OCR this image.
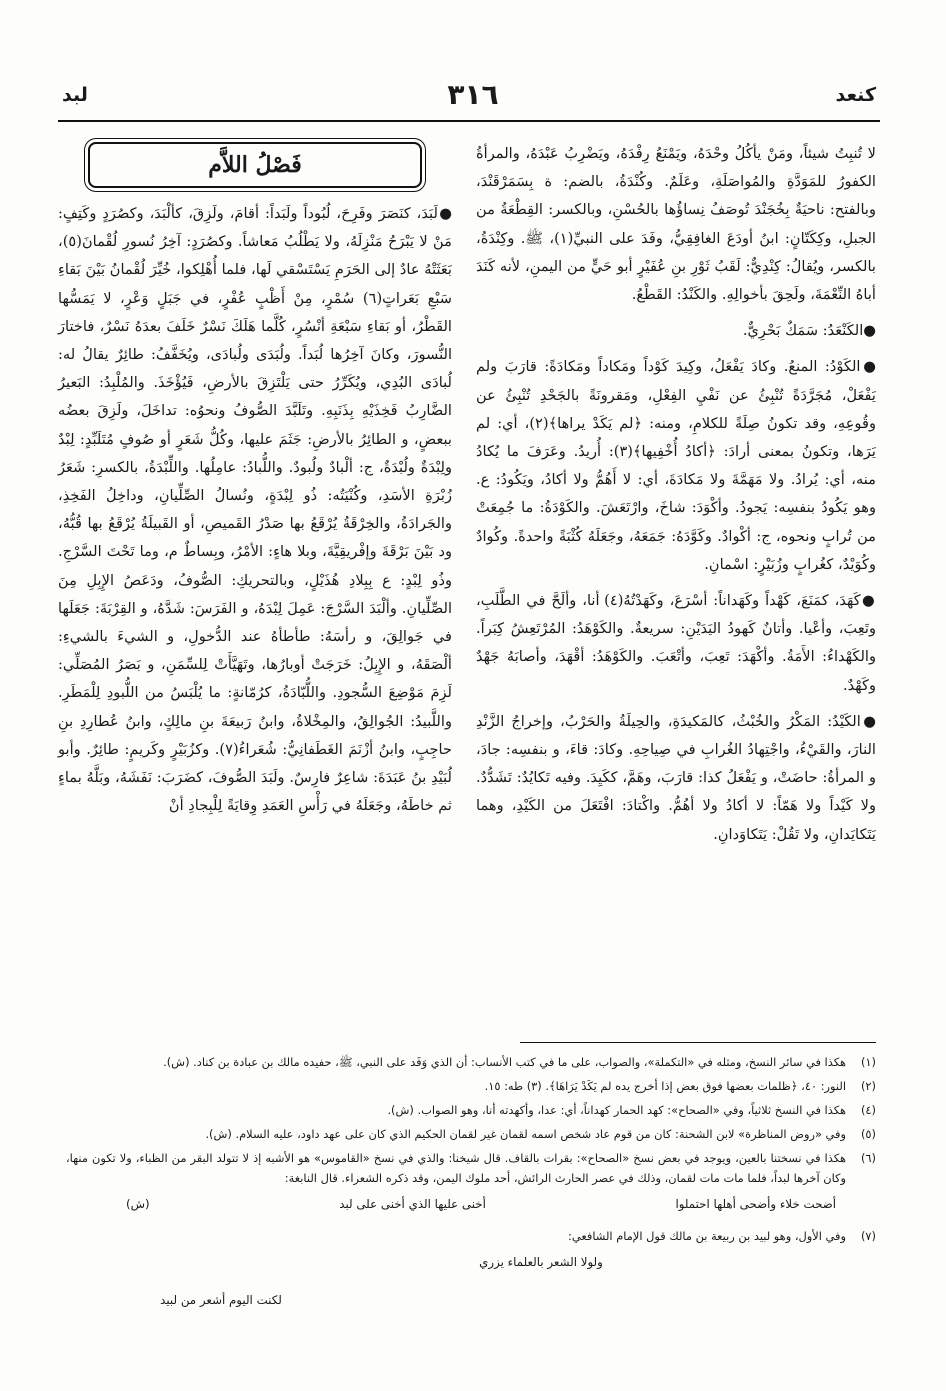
كنعد
٣١٦
لبد

لا تُنبِتُ شيئاً، ومَنْ يأكُلُ وحْدَهُ، ويَمْنَعُ رِفْدَهُ، ويَضْرِبُ عَبْدَهُ، والمرأةُ الكفورُ للمَوَدَّةِ والمُواصَلَةِ، وعَلَمٌ. وكُنْدَةُ، بالضم: ة بِسَمَرْقَنْدَ، وبالفتح: ناحيَةٌ بِخُجَنْدَ تُوصَفُ نِساؤُها بالحُسْنِ، وبالكسر: القِطْعَةُ من الجبلِ، وكِكَتّانٍ: ابنُ أودَعَ الغافِقِيُّ، وفَدَ على النبيِّ(١)، ﷺ. وكِنْدَةُ، بالكسر، ويُقالُ: كِنْدِيٌّ: لَقَبُ ثَوْرِ بنِ عُفَيْرٍ أبو حَيٍّ من اليمنِ، لأنه كَنَدَ أباهُ النِّعْمَةَ، ولَحِقَ بأخوالِهِ. والكَنْدُ: القَطْعُ.

●الكَنْعَدُ: سَمَكٌ بَحْرِيٌّ.

●الكَوْدُ: المنعُ. وكادَ يَفْعَلُ، وكِيدَ كَوْداً ومَكاداً ومَكادَةً: قارَبَ ولم يَفْعَلْ، مُجَرَّدَةً تُنْبِئُ عن نَفْيِ الفِعْلِ، ومَقرونَةً بالجَحْدِ تُنْبِئُ عن وقُوعِهِ، وقد تكونُ صِلَةً للكلامِ، ومنه: ﴿لم يَكَدْ يراها﴾(٢)، أي: لم يَرَها، وتكونُ بمعنى أرادَ: ﴿أكادُ أُخْفِيها﴾(٣): أُريدُ. وعَرَفَ ما يُكادُ منه، أي: يُرادُ. ولا مَهَمَّةَ ولا مَكادَةَ، أي: لا أَهُمُّ ولا أكادُ، ويَكُودُ: ع. وهو يَكُودُ بنفسِه: يَجودُ. وأكْوَدَ: شاخَ، وارْتَعَشَ. والكَوْدَةُ: ما جُمِعَتْ من تُرابٍ ونحوه، ج: أكْوادٌ. وكَوَّدَهُ: جَمَعَهُ، وجَعَلَهُ كُثْبَةً واحدةً. وكُوادٌ وكُوَيْدٌ، كغُرابٍ وزُبَيْرٍ: اسْمانِ.

●كَهَدَ، كمَنَعَ، كَهْداً وكَهَداناً: أسْرَعَ، وكَهَدْتُهُ(٤) أنا، وألَحَّ في الطَّلَبِ، وتَعِبَ، وأعْيا. وأتانٌ كَهودُ اليَدَيْنِ: سريعةٌ. والكَوْهَدُ: المُرْتَعِشُ كِبَراً. والكَهْداءُ: الأَمَةُ. وأكْهَدَ: تَعِبَ، وأتْعَبَ. والكَوْهَدُ: أقْهَدَ، وأصابَهُ جَهْدٌ وكَهْدٌ.

●الكَيْدُ: المَكْرُ والخُبْثُ، كالمَكيدَةِ، والحِيلَةُ والحَرْبُ، وإخراجُ الزَّنْدِ النارَ، والقَيْءُ، واجْتِهادُ الغُرابِ في صِياحِهِ. وكادَ: قاءَ، و بنفسِه: جادَ، و المرأةُ: حاضَتْ، و يَفْعَلُ كذا: قارَبَ، وهَمَّ، ككَيِدَ. وفيه تَكايُدٌ: تَشَدُّدٌ. ولا كَيْداً ولا هَمّاً: لا أكادُ ولا أهُمُّ. واكْتادَ: افْتَعَلَ من الكَيْدِ، وهما يَتَكايَدانِ، ولا تَقُلْ: يَتَكاوَدانِ.

فَصْلُ اللاَّم

●لَبَدَ، كنَصَرَ وفَرِحَ، لُبُوداً ولَبَداً: أقامَ، ولَزِقَ، كألْبَدَ، وكصُرَدٍ وكَتِفٍ: مَنْ لا يَبْرَحُ مَنْزِلَهُ، ولا يَطْلُبُ مَعاشاً. وكصُرَدٍ: آخِرُ نُسورِ لُقْمانَ(٥)، بَعَثَتْهُ عادٌ إلى الحَرَمِ يَسْتَسْقي لَها، فلما أُهْلِكوا، خُيِّرَ لُقْمانُ بَيْنَ بَقاءِ سَبْعِ بَعَراتٍ(٦) سُمْرٍ، مِنْ أَظْبٍ عُفْرٍ، في جَبَلٍ وَعْرٍ، لا يَمَسُّها القَطْرُ، أو بَقاءِ سَبْعَةِ أنْسُرٍ، كُلَّما هَلَكَ نَسْرٌ خَلَفَ بعدَهُ نَسْرٌ، فاختارَ النُّسورَ، وكانَ آخِرُها لُبَداً. ولُبَدَى ولُبادَى، ويُخَفَّفُ: طائِرٌ يقالُ له: لُبادَى البُدِي، ويُكَرِّرُ حتى يَلْتَزِقَ بالأرضِ، فَيُؤْخَذَ. والمُلْبِدُ: البَعيرُ الضَّارِبُ فَخِذَيْهِ بِذَنَبِهِ. وتَلَبَّدَ الصُّوفُ ونحوُه: تداخَلَ، ولَزِقَ بعضُه ببعضٍ، و الطائِرُ بالأرضِ: جَثَمَ عليها، وكُلُّ شَعَرٍ أو صُوفٍ مُتَلَبِّدٍ: لِبْدٌ ولِبْدَةٌ ولُبْدَةٌ، ج: ألْبادٌ ولُبودٌ. واللُّبادُ: عامِلُها. واللِّبْدَةُ، بالكسرِ: شَعَرُ زُبْرَةِ الأسَدِ، وكُنْيَتُه: ذُو لِبْدَةٍ، ونُسالُ الصِّلِّيانِ، وداخِلُ الفَخِذِ، والجَرادَةُ، والخِرْقَةُ يُرْقَعُ بها صَدْرُ القَميصِ، أو القَبيلَةُ يُرْقَعُ بها قُبُّهُ، ود بَيْنَ بَرْقَةَ وإفْريقِيَّةَ، وبلا هاءٍ: الأمْرُ، وبِساطٌ م، وما تَحْتَ السَّرْجِ. وذُو لِبْدٍ: ع بِبِلادِ هُذَيْلٍ، وبالتحريكِ: الصُّوفُ، ودَعَصُ الإِبِلِ مِنَ الصِّلِّيانِ. وألْبَدَ السَّرْجَ: عَمِلَ لِبْدَهُ، و الفَرَسَ: شَدَّهُ، و القِرْبَةَ: جَعَلَها في جَوالِقَ، و رأسَهُ: طأطأهُ عند الدُّخولِ، و الشيءَ بالشيءِ: ألْصَقَهُ، و الإِبِلُ: خَرَجَتْ أوبارُها، وتَهَيَّأَتْ لِلسِّمَنِ، و بَصَرُ المُصَلِّي: لَزِمَ مَوْضِعَ السُّجودِ. واللُّبّادَةُ، كرُمّانةٍ: ما يُلْبَسُ من اللُّبودِ لِلْمَطَرِ. واللَّبيدُ: الجُوالِقُ، والمِخْلاةُ، وابنُ رَبيعَةَ بنِ مالِكٍ، وابنُ عُطارِدِ بنِ حاجِبٍ، وابنُ أزْنَمَ الغَطَفانِيُّ: شُعَراءُ(٧). وكزُبَيْرٍ وكَريمٍ: طائِرٌ. وأبو لُبَيْدِ بنُ عَبَدَةَ: شاعِرٌ فارِسٌ. ولَبَدَ الصُّوفَ، كضَرَبَ: نَفَشَهُ، وبَلَّهُ بماءٍ ثم خاطَهُ، وجَعَلَهُ في رَأْسِ العَمَدِ وِقايَةً لِلْبِجادِ أنْ

(١)
هكذا في سائر النسخ، ومثله في «التكملة»، والصواب، على ما في كتب الأنساب: أن الذي وَفَد على النبي، ﷺ، حفيده مالك بن عبادة بن كناد. (ش).
(٢)
النور: ٤٠، ﴿ظلمات بعضها فوق بعض إذا أخرج يده لم يَكَدْ يَرَاهَا﴾. (٣) طه: ١٥.
(٤)
هكذا في النسخ ثلاثياً، وفي «الصحاح»: كهد الحمار كهداناً، أي: عدا، وأكهدته أنا، وهو الصواب. (ش).
(٥)
وفي «روض المناظرة» لابن الشحنة: كان من قوم عاد شخص اسمه لقمان غير لقمان الحكيم الذي كان على عهد داود، عليه السلام. (ش).
(٦)
هكذا في نسختنا بالعين، ويوجد في بعض نسخ «الصحاح»: بقرات بالقاف. قال شيخنا: والذي في نسخ «القاموس» هو الأشبه إذ لا تتولد البقر من الظباء، ولا تكون منها، وكان آخرها لبداً، فلما مات مات لقمان، وذلك في عصر الحارث الرائش، أحد ملوك اليمن، وقد ذكره الشعراء. قال النابغة:
أضحت خلاء وأضحى أهلها احتملوا
أخنى عليها الذي أخنى على لبد
(ش)
(٧)
وفي الأول، وهو لبيد بن ربيعة بن مالك قول الإمام الشافعي:
ولولا الشعر بالعلماء يزري
لكنت اليوم أشعر من لبيد
